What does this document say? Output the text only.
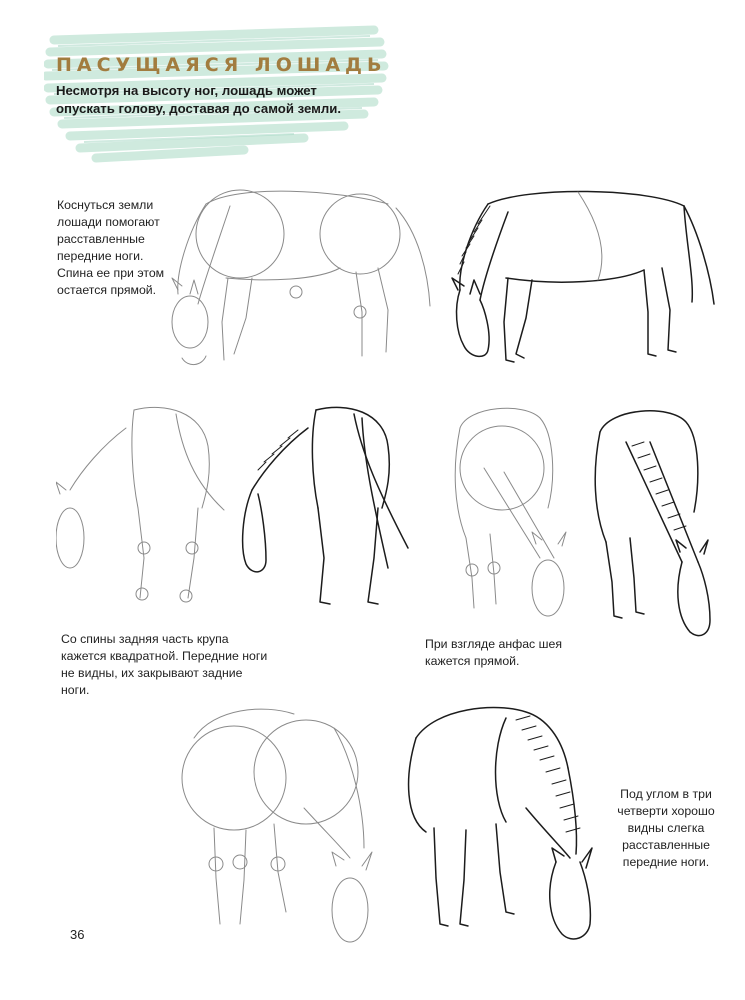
ПАСУЩАЯСЯ ЛОШАДЬ

Несмотря на высоту ног, лошадь может опускать голову, доставая до самой земли.

Коснуться земли лошади помогают расставленные передние ноги. Спина ее при этом остается прямой.

Со спины задняя часть крупа кажется квадратной. Передние ноги не видны, их закрывают задние ноги.

При взгляде анфас шея кажется прямой.

Под углом в три четверти хорошо видны слегка расставленные передние ноги.

36
